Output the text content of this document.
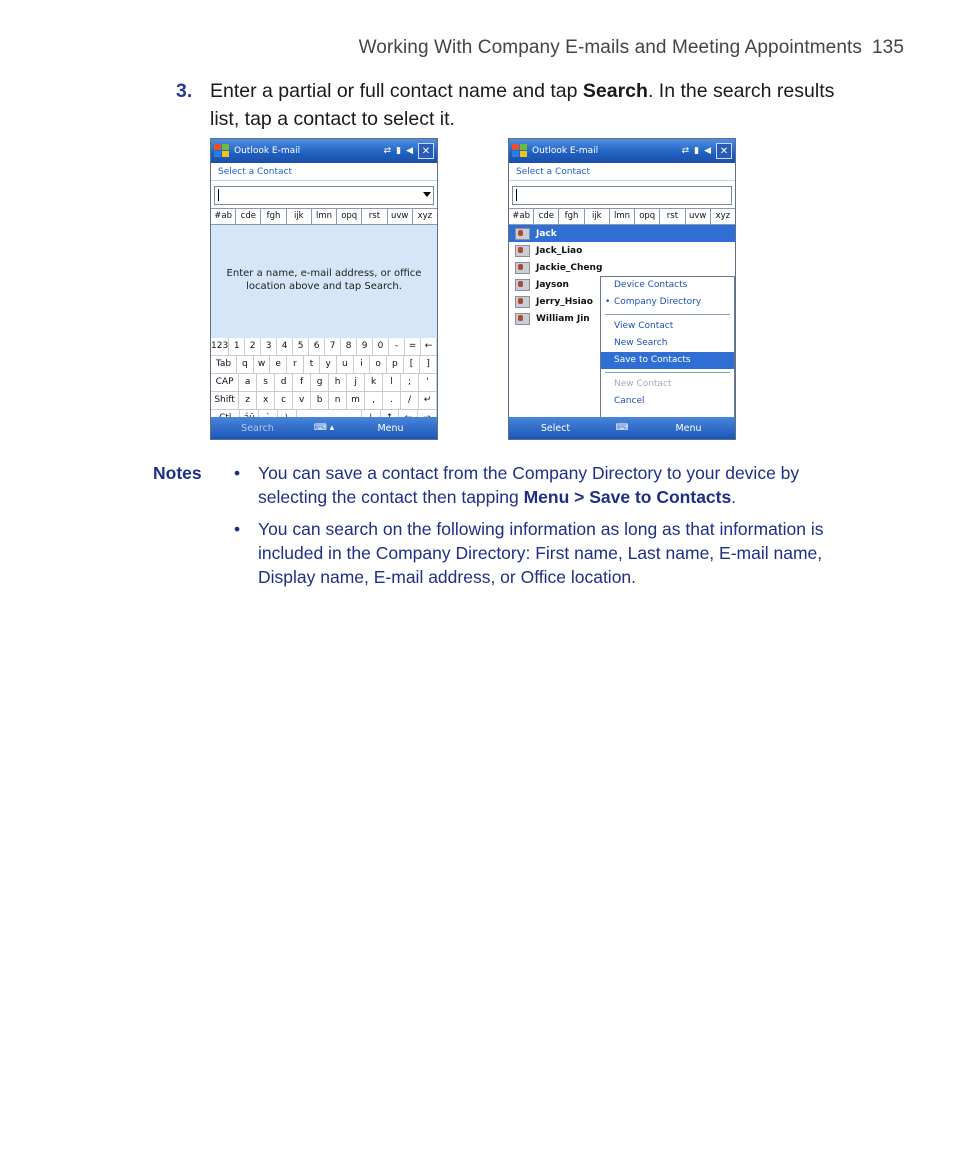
Working With Company E-mails and Meeting Appointments 135
3. Enter a partial or full contact name and tap Search. In the search results list, tap a contact to select it.
Outlook E-mail	⇄ ▮ ◀ ✕
Select a Contact
#ab	cde	fgh	ijk	lmn	opq	rst	uvw	xyz
Enter a name, e-mail address, or office location above and tap Search.
123 1	2	3	4	5	6	7	8	9	0	-	= ←
Tab	q	w	e	r	t	y	u	i	o	p	[	]
CAP	a	s	d	f	g	h	j	k	l	;	'
Shift	z	x	c	v	b	n	m	,	.	/	↵
Search	⌨ ▴	Menu
Outlook E-mail	⇄ ▮ ◀ ✕
Select a Contact
#ab	cde	fgh	ijk	lmn	opq	rst	uvw	xyz
Jack
Jack_Liao
Jackie_Cheng
Jayson
Jerry_Hsiao
William Jin
Device Contacts
• Company Directory
View Contact
New Search
Save to Contacts
New Contact
Cancel
Select	⌨	Menu
Notes • You can save a contact from the Company Directory to your device by selecting the contact then tapping Menu > Save to Contacts.
• You can search on the following information as long as that information is included in the Company Directory: First name, Last name, E-mail name, Display name, E-mail address, or Office location.
